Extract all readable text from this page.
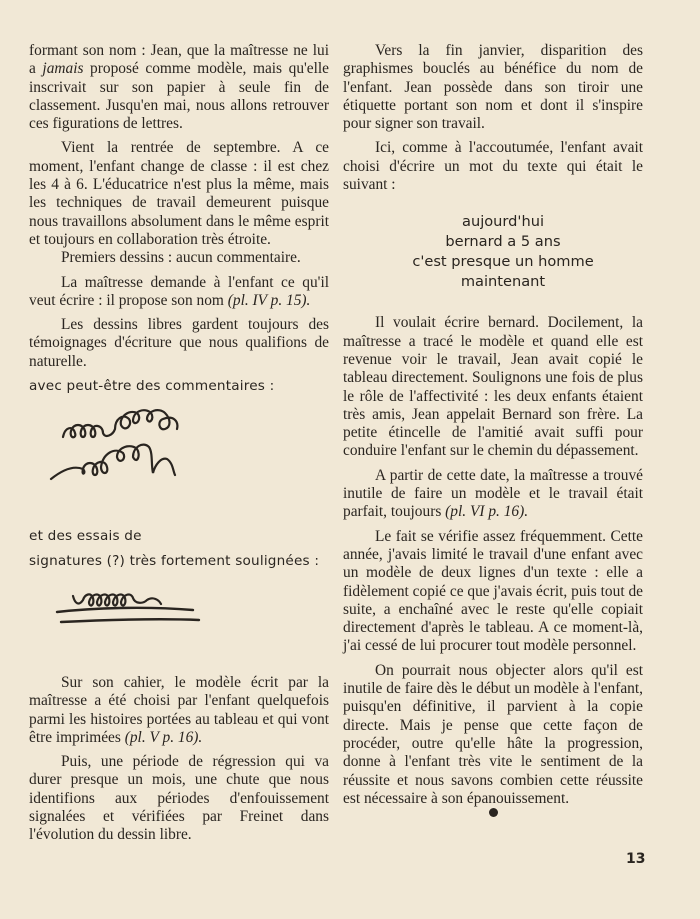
formant son nom : Jean, que la maîtresse ne lui a jamais proposé comme modèle, mais qu'elle inscrivait sur son papier à seule fin de classement. Jusqu'en mai, nous allons retrouver ces figurations de lettres.

Vient la rentrée de septembre. A ce moment, l'enfant change de classe : il est chez les 4 à 6. L'éducatrice n'est plus la même, mais les techniques de travail demeurent puisque nous travaillons absolument dans le même esprit et toujours en collaboration très étroite.

Premiers dessins : aucun commentaire.

La maîtresse demande à l'enfant ce qu'il veut écrire : il propose son nom (pl. IV p. 15).

Les dessins libres gardent toujours des témoignages d'écriture que nous qualifions de naturelle.

avec peut-être des commentaires :

et des essais de

signatures (?) très fortement soulignées :

Sur son cahier, le modèle écrit par la maîtresse a été choisi par l'enfant quelquefois parmi les histoires portées au tableau et qui vont être imprimées (pl. V p. 16).

Puis, une période de régression qui va durer presque un mois, une chute que nous identifions aux périodes d'enfouissement signalées et vérifiées par Freinet dans l'évolution du dessin libre.

Vers la fin janvier, disparition des graphismes bouclés au bénéfice du nom de l'enfant. Jean possède dans son tiroir une étiquette portant son nom et dont il s'inspire pour signer son travail.

Ici, comme à l'accoutumée, l'enfant avait choisi d'écrire un mot du texte qui était le suivant :

aujourd'hui
bernard a 5 ans
c'est presque un homme
maintenant

Il voulait écrire bernard. Docilement, la maîtresse a tracé le modèle et quand elle est revenue voir le travail, Jean avait copié le tableau directement. Soulignons une fois de plus le rôle de l'affectivité : les deux enfants étaient très amis, Jean appelait Bernard son frère. La petite étincelle de l'amitié avait suffi pour conduire l'enfant sur le chemin du dépassement.

A partir de cette date, la maîtresse a trouvé inutile de faire un modèle et le travail était parfait, toujours (pl. VI p. 16).

Le fait se vérifie assez fréquemment. Cette année, j'avais limité le travail d'une enfant avec un modèle de deux lignes d'un texte : elle a fidèlement copié ce que j'avais écrit, puis tout de suite, a enchaîné avec le reste qu'elle copiait directement d'après le tableau. A ce moment-là, j'ai cessé de lui procurer tout modèle personnel.

On pourrait nous objecter alors qu'il est inutile de faire dès le début un modèle à l'enfant, puisqu'en définitive, il parvient à la copie directe. Mais je pense que cette façon de procéder, outre qu'elle hâte la progression, donne à l'enfant très vite le sentiment de la réussite et nous savons combien cette réussite est nécessaire à son épanouissement.

13
